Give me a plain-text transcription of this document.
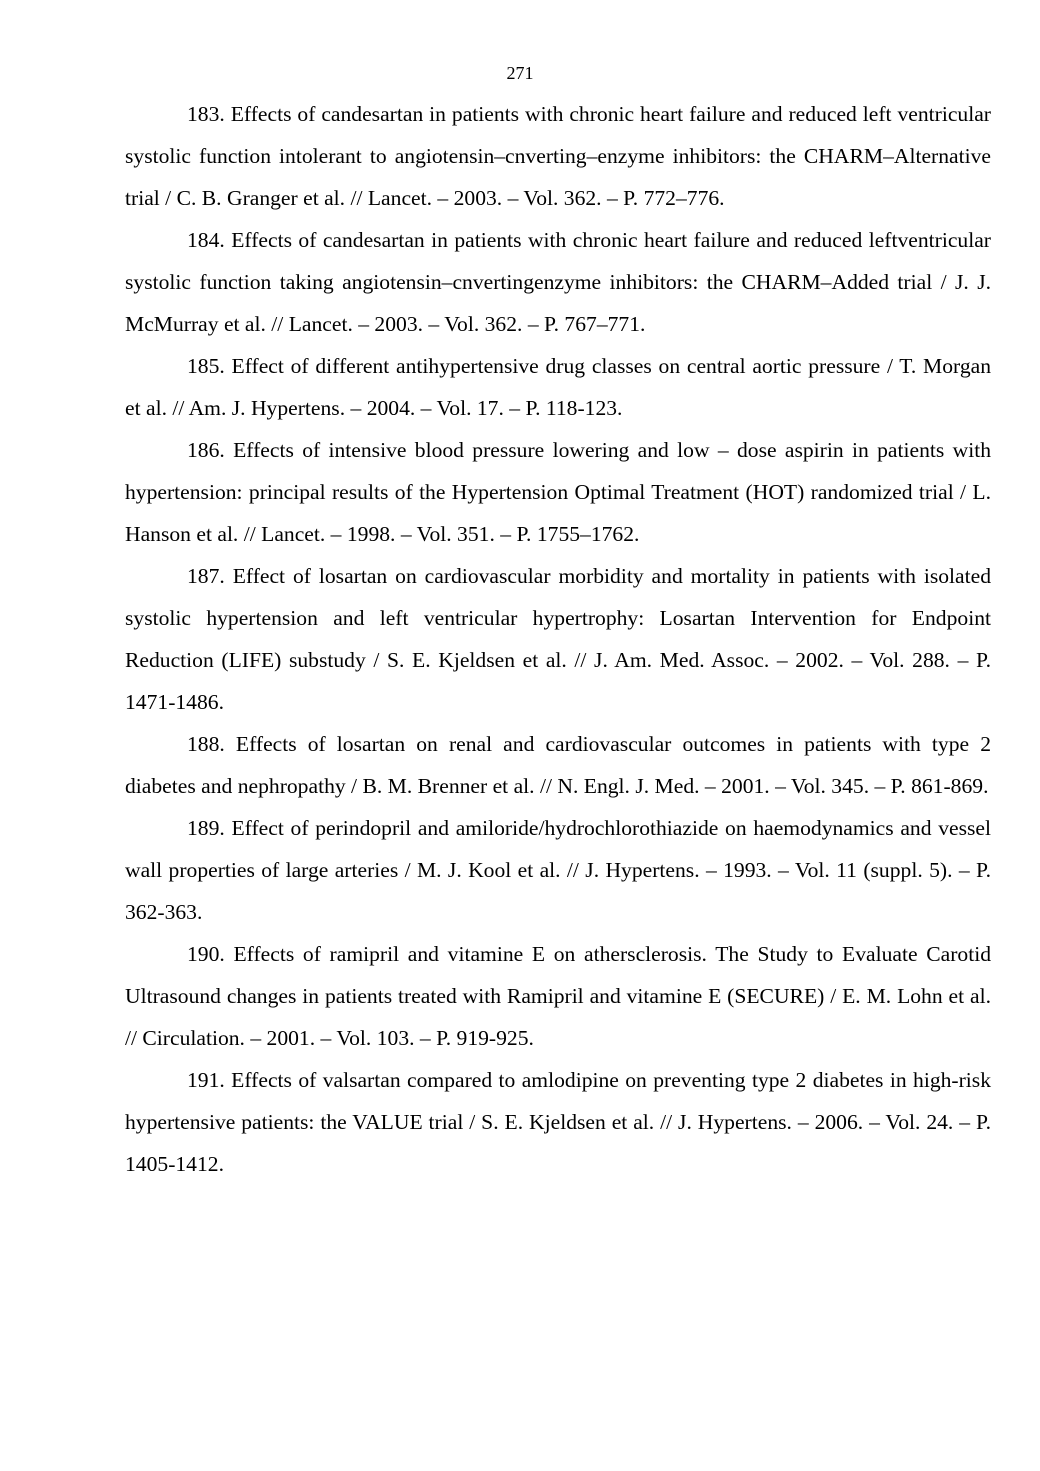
271

183. Effects of candesartan in patients with chronic heart failure and reduced left ventricular systolic function intolerant to angiotensin–cnverting–enzyme inhibitors: the CHARM–Alternative trial / C. B. Granger et al. // Lancet. – 2003. – Vol. 362. – P. 772–776.

184. Effects of candesartan in patients with chronic heart failure and reduced leftventricular systolic function taking angiotensin–cnvertingenzyme inhibitors: the CHARM–Added trial / J. J. McMurray et al. // Lancet. – 2003. – Vol. 362. – P. 767–771.

185. Effect of different antihypertensive drug classes on central aortic pressure / T. Morgan et al. // Am. J. Hypertens. – 2004. – Vol. 17. – P. 118-123.

186. Effects of intensive blood pressure lowering and low – dose aspirin in patients with hypertension: principal results of the Hypertension Optimal Treatment (HOT) randomized trial / L. Hanson et al. // Lancet. – 1998. – Vol. 351. – P. 1755–1762.

187. Effect of losartan on cardiovascular morbidity and mortality in patients with isolated systolic hypertension and left ventricular hypertrophy: Losartan Intervention for Endpoint Reduction (LIFE) substudy / S. E. Kjeldsen et al. // J. Am. Med. Assoc. – 2002. – Vol. 288. – P. 1471-1486.

188. Effects of losartan on renal and cardiovascular outcomes in patients with type 2 diabetes and nephropathy / B. M. Brenner et al. // N. Engl. J. Med. – 2001. – Vol. 345. – P. 861-869.

189. Effect of perindopril and amiloride/hydrochlorothiazide on haemodynamics and vessel wall properties of large arteries / M. J. Kool et al. // J. Hypertens. – 1993. – Vol. 11 (suppl. 5). – P. 362-363.

190. Effects of ramipril and vitamine E on athersclerosis. The Study to Evaluate Carotid Ultrasound changes in patients treated with Ramipril and vitamine E (SECURE) / E. M. Lohn et al. // Circulation. – 2001. – Vol. 103. – P. 919-925.

191. Effects of valsartan compared to amlodipine on preventing type 2 diabetes in high-risk hypertensive patients: the VALUE trial / S. E. Kjeldsen et al. // J. Hypertens. – 2006. – Vol. 24. – P. 1405-1412.
